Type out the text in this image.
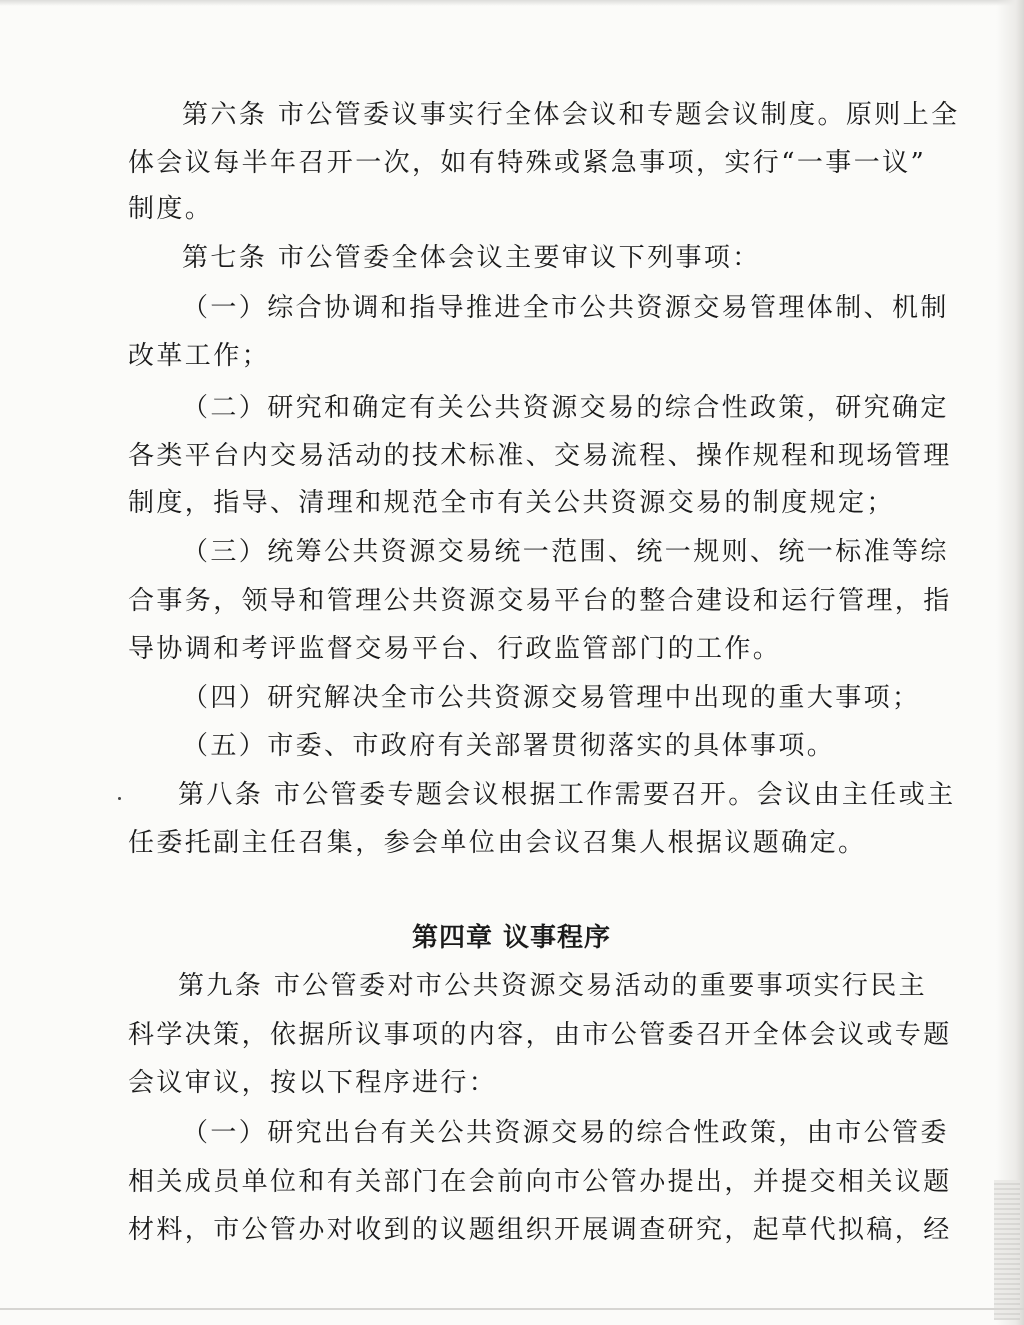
第六条 市公管委议事实行全体会议和专题会议制度。原则上全
体会议每半年召开一次，如有特殊或紧急事项，实行“一事一议”
制度。
第七条 市公管委全体会议主要审议下列事项：
（一）综合协调和指导推进全市公共资源交易管理体制、机制
改革工作；
（二）研究和确定有关公共资源交易的综合性政策，研究确定
各类平台内交易活动的技术标准、交易流程、操作规程和现场管理
制度，指导、清理和规范全市有关公共资源交易的制度规定；
（三）统筹公共资源交易统一范围、统一规则、统一标准等综
合事务，领导和管理公共资源交易平台的整合建设和运行管理，指
导协调和考评监督交易平台、行政监管部门的工作。
（四）研究解决全市公共资源交易管理中出现的重大事项；
（五）市委、市政府有关部署贯彻落实的具体事项。
第八条 市公管委专题会议根据工作需要召开。会议由主任或主
任委托副主任召集，参会单位由会议召集人根据议题确定。
第四章 议事程序
第九条 市公管委对市公共资源交易活动的重要事项实行民主
科学决策，依据所议事项的内容，由市公管委召开全体会议或专题
会议审议，按以下程序进行：
（一）研究出台有关公共资源交易的综合性政策，由市公管委
相关成员单位和有关部门在会前向市公管办提出，并提交相关议题
材料，市公管办对收到的议题组织开展调查研究，起草代拟稿，经
